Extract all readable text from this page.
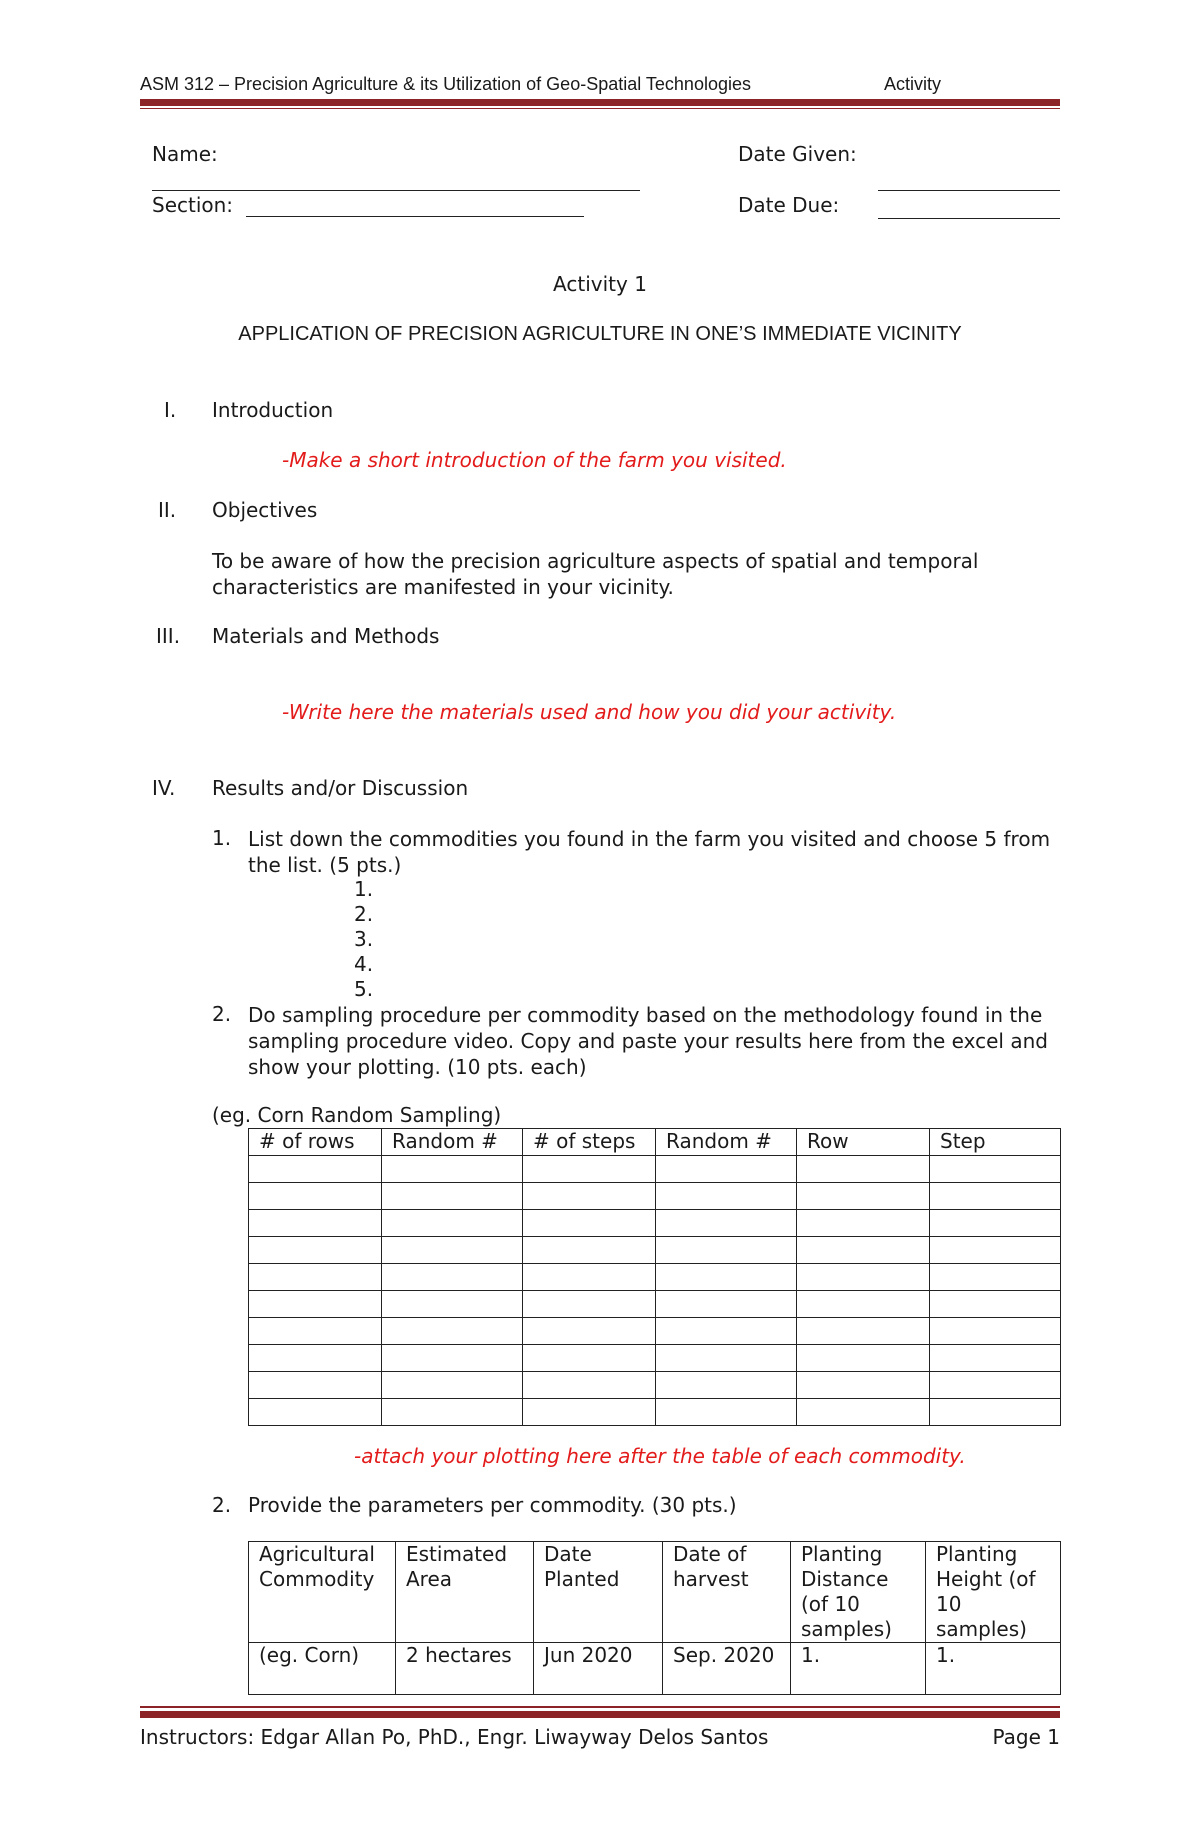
ASM 312 – Precision Agriculture & its Utilization of Geo-Spatial Technologies	Activity
Name:
Section:
Date Given:
Date Due:
Activity 1
APPLICATION OF PRECISION AGRICULTURE IN ONE’S IMMEDIATE VICINITY
I. Introduction
-Make a short introduction of the farm you visited.
II. Objectives
To be aware of how the precision agriculture aspects of spatial and temporal characteristics are manifested in your vicinity.
III. Materials and Methods
-Write here the materials used and how you did your activity.
IV. Results and/or Discussion
1. List down the commodities you found in the farm you visited and choose 5 from the list. (5 pts.)
1.
2.
3.
4.
5.
2. Do sampling procedure per commodity based on the methodology found in the sampling procedure video. Copy and paste your results here from the excel and show your plotting. (10 pts. each)
(eg. Corn Random Sampling)
# of rows	Random #	# of steps	Random #	Row	Step

-attach your plotting here after the table of each commodity.
2. Provide the parameters per commodity. (30 pts.)
Agricultural Commodity	Estimated Area	Date Planted	Date of harvest	Planting Distance (of 10 samples)	Planting Height (of 10 samples)
(eg. Corn)	2 hectares	Jun 2020	Sep. 2020	1.	1.
Instructors: Edgar Allan Po, PhD., Engr. Liwayway Delos Santos	Page 1
